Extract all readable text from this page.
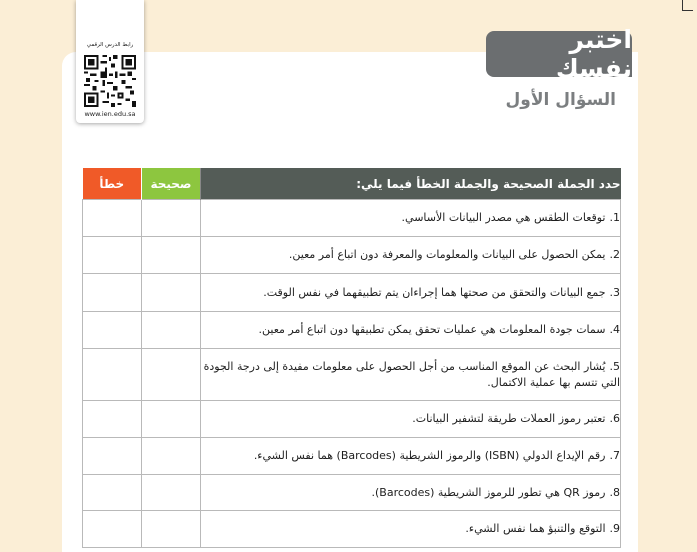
رابط الدرس الرقمي
www.ien.edu.sa
اختبر نفسك
السؤال الأول
حدد الجملة الصحيحة والجملة الخطأ فيما يلي:	صحيحة	خطأ
1.توقعات الطقس هي مصدر البيانات الأساسي.		
2.يمكن الحصول على البيانات والمعلومات والمعرفة دون اتباع أمر معين.		
3.جمع البيانات والتحقق من صحتها هما إجراءان يتم تطبيقهما في نفس الوقت.		
4.سمات جودة المعلومات هي عمليات تحقق يمكن تطبيقها دون اتباع أمر معين.		
5.يُشار البحث عن الموقع المناسب من أجل الحصول على معلومات مفيدة إلى درجة الجودة التي تتسم بها عملية الاكتمال.		
6.تعتبر رموز العملات طريقة لتشفير البيانات.		
7.رقم الإيداع الدولي (ISBN) والرموز الشريطية (Barcodes) هما نفس الشيء.		
8.رموز QR هي تطور للرموز الشريطية (Barcodes).		
9.التوقع والتنبؤ هما نفس الشيء.		
